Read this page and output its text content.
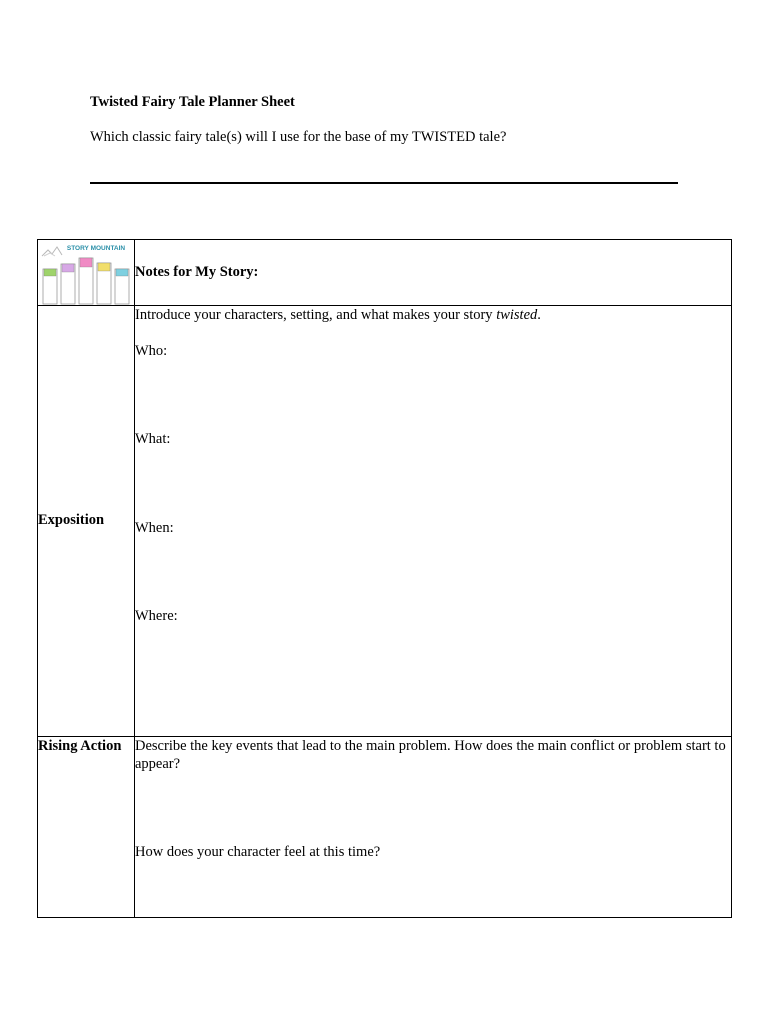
Twisted Fairy Tale Planner Sheet
Which classic fairy tale(s) will I use for the base of my TWISTED tale?
STORY MOUNTAIN	Notes for My Story:
Exposition	Introduce your characters, setting, and what makes your story twisted.

Who:

What:

When:

Where:

Rising Action	Describe the key events that lead to the main problem. How does the main conflict or problem start to appear?

How does your character feel at this time?
